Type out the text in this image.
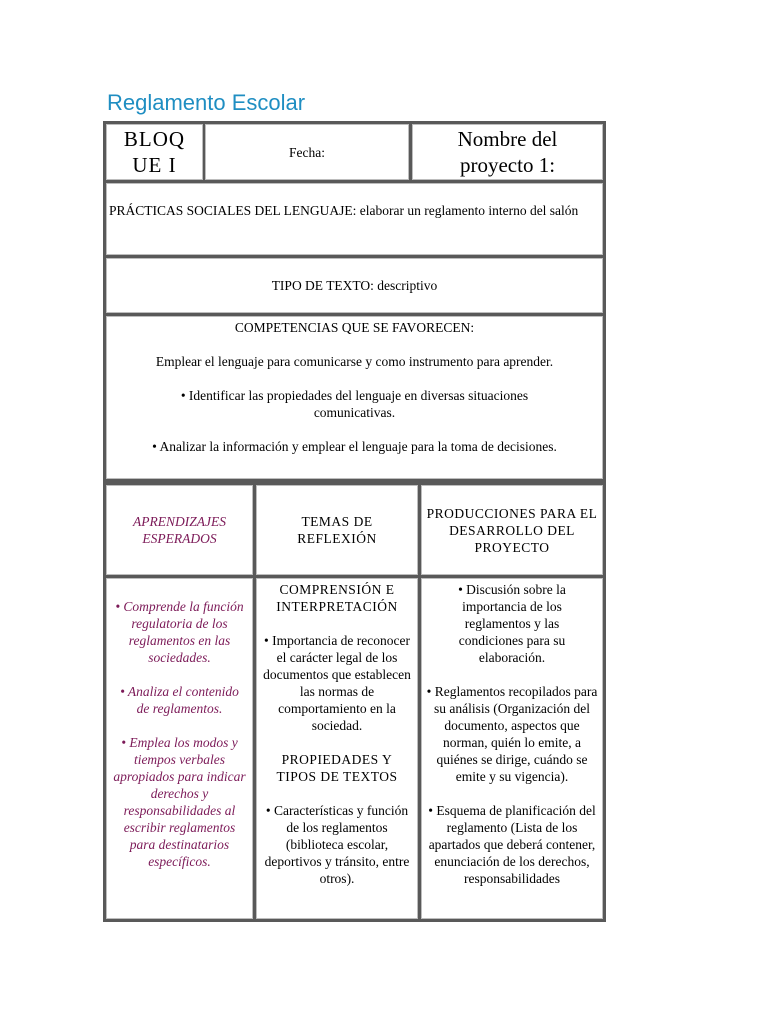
Reglamento Escolar
BLOQUE I
Fecha:
Nombre del proyecto 1:

PRÁCTICAS SOCIALES DEL LENGUAJE: elaborar un reglamento interno del salón

TIPO DE TEXTO: descriptivo

COMPETENCIAS QUE SE FAVORECEN:

Emplear el lenguaje para comunicarse y como instrumento para aprender.

• Identificar las propiedades del lenguaje en diversas situaciones comunicativas.

• Analizar la información y emplear el lenguaje para la toma de decisiones.

APRENDIZAJES ESPERADOS
TEMAS DE REFLEXIÓN
PRODUCCIONES PARA EL DESARROLLO DEL PROYECTO

• Comprende la función regulatoria de los reglamentos en las sociedades.

• Analiza el contenido de reglamentos.

• Emplea los modos y tiempos verbales apropiados para indicar derechos y responsabilidades al escribir reglamentos para destinatarios específicos.

COMPRENSIÓN E INTERPRETACIÓN

• Importancia de reconocer el carácter legal de los documentos que establecen las normas de comportamiento en la sociedad.

PROPIEDADES Y TIPOS DE TEXTOS

• Características y función de los reglamentos (biblioteca escolar, deportivos y tránsito, entre otros).

• Discusión sobre la importancia de los reglamentos y las condiciones para su elaboración.

• Reglamentos recopilados para su análisis (Organización del documento, aspectos que norman, quién lo emite, a quiénes se dirige, cuándo se emite y su vigencia).

• Esquema de planificación del reglamento (Lista de los apartados que deberá contener, enunciación de los derechos, responsabilidades
